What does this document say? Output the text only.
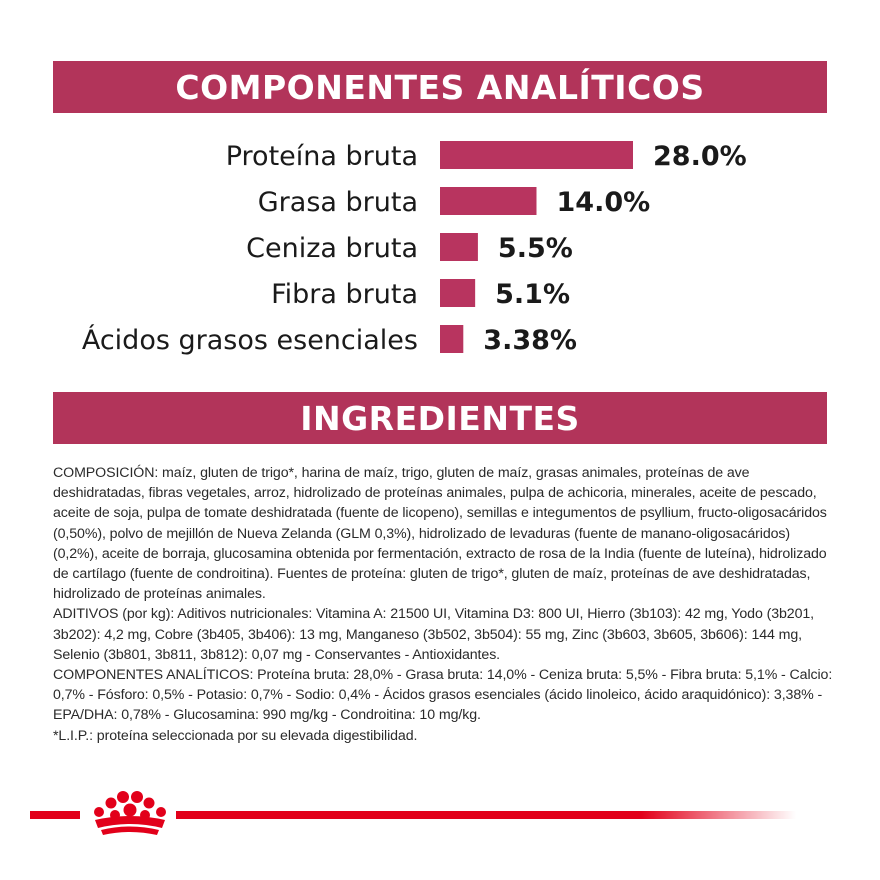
COMPONENTES ANALÍTICOS
Proteína bruta	28.0%
Grasa bruta	14.0%
Ceniza bruta	5.5%
Fibra bruta	5.1%
Ácidos grasos esenciales 3.38%
INGREDIENTES

COMPOSICIÓN: maíz, gluten de trigo*, harina de maíz, trigo, gluten de maíz, grasas animales, proteínas de ave deshidratadas, fibras vegetales, arroz, hidrolizado de proteínas animales, pulpa de achicoria, minerales, aceite de pescado, aceite de soja, pulpa de tomate deshidratada (fuente de licopeno), semillas e integumentos de psyllium, fructo-oligosacáridos (0,50%), polvo de mejillón de Nueva Zelanda (GLM 0,3%), hidrolizado de levaduras (fuente de manano-oligosacáridos) (0,2%), aceite de borraja, glucosamina obtenida por fermentación, extracto de rosa de la India (fuente de luteína), hidrolizado de cartílago (fuente de condroitina). Fuentes de proteína: gluten de trigo*, gluten de maíz, proteínas de ave deshidratadas, hidrolizado de proteínas animales.

ADITIVOS (por kg): Aditivos nutricionales: Vitamina A: 21500 UI, Vitamina D3: 800 UI, Hierro (3b103): 42 mg, Yodo (3b201, 3b202): 4,2 mg, Cobre (3b405, 3b406): 13 mg, Manganeso (3b502, 3b504): 55 mg, Zinc (3b603, 3b605, 3b606): 144 mg, Selenio (3b801, 3b811, 3b812): 0,07 mg - Conservantes - Antioxidantes.

COMPONENTES ANALÍTICOS: Proteína bruta: 28,0% - Grasa bruta: 14,0% - Ceniza bruta: 5,5% - Fibra bruta: 5,1% - Calcio: 0,7% - Fósforo: 0,5% - Potasio: 0,7% - Sodio: 0,4% - Ácidos grasos esenciales (ácido linoleico, ácido araquidónico): 3,38% - EPA/DHA: 0,78% - Glucosamina: 990 mg/kg - Condroitina: 10 mg/kg.

*L.I.P.: proteína seleccionada por su elevada digestibilidad.
